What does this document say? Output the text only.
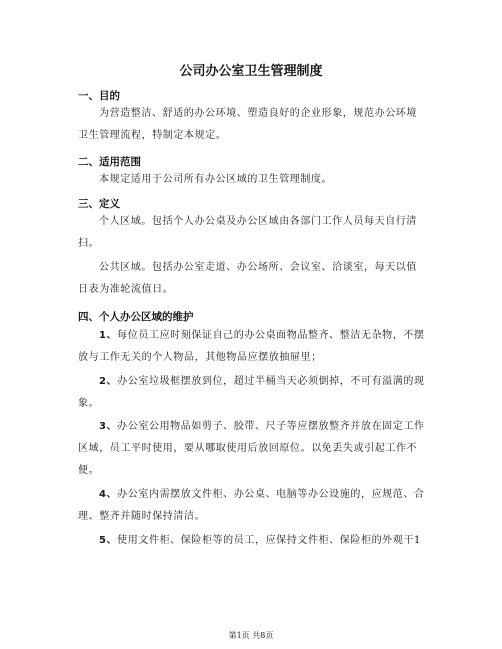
公司办公室卫生管理制度
一、目的
为营造整洁、舒适的办公环境、塑造良好的企业形象，规范办公环境卫生管理流程，特制定本规定。
二、适用范围
本规定适用于公司所有办公区域的卫生管理制度。
三、定义
个人区域。包括个人办公桌及办公区域由各部门工作人员每天自行清扫。
公共区域。包括办公室走道、办公场所、会议室、洽谈室，每天以值日表为准轮流值日。
四、个人办公区域的维护
1、每位员工应时刻保证自己的办公桌面物品整齐、整洁无杂物，不摆放与工作无关的个人物品，其他物品应摆放抽屉里；
2、办公室垃圾框摆放到位，超过半桶当天必须倒掉，不可有溢满的现象。
3、办公室公用物品如剪子、胶带、尺子等应摆放整齐并放在固定工作区域，员工平时使用，要从哪取使用后放回原位。以免丢失或引起工作不便。
4、办公室内需摆放文件柜、办公桌、电脑等办公设施的，应规范、合理、整齐并随时保持清洁。
5、使用文件柜、保险柜等的员工，应保持文件柜、保险柜的外观干1
第1页 共8页
